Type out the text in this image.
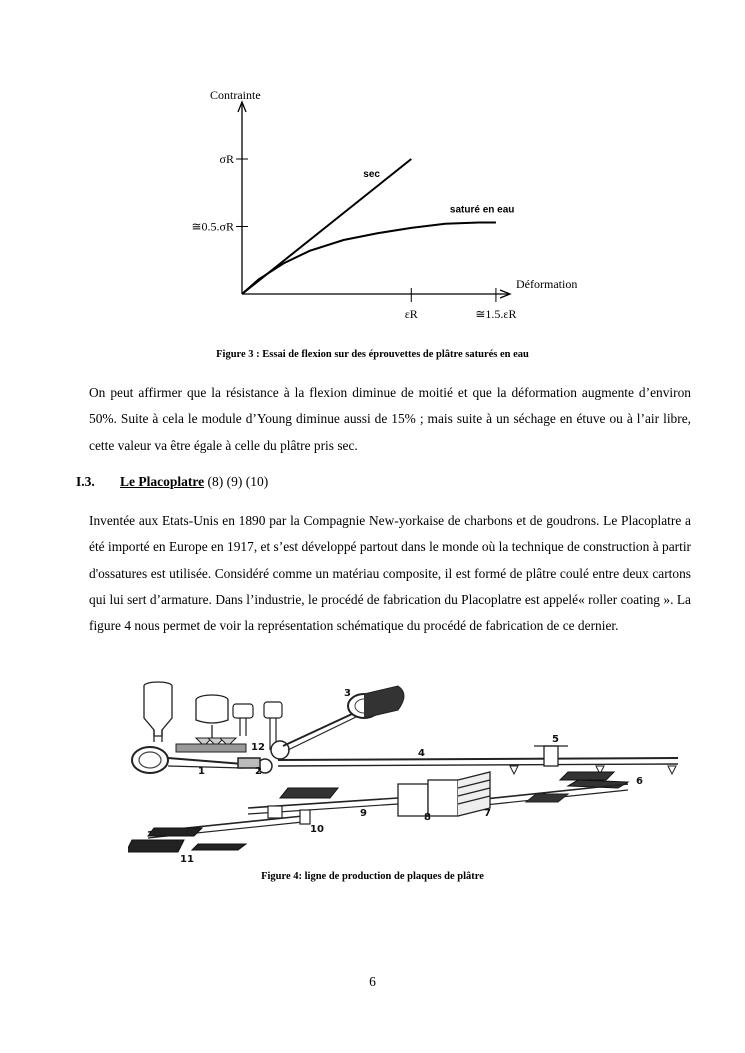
Contrainte
Déformation
σR
≅0.5.σR
εR	≅1.5.εR
sec
saturé en eau
Figure 3 : Essai de flexion sur des éprouvettes de plâtre saturés en eau
On peut affirmer que la résistance à la flexion diminue de moitié et que la déformation augmente d’environ 50%. Suite à cela le module d’Young diminue aussi de 15% ; mais suite à un séchage en étuve ou à l’air libre, cette valeur va être égale à celle du plâtre pris sec.
I.3. Le Placoplatre (8) (9) (10)
Inventée aux Etats-Unis en 1890 par la Compagnie New-yorkaise de charbons et de goudrons. Le Placoplatre a été importé en Europe en 1917, et s’est développé partout dans le monde où la technique de construction à partir d'ossatures est utilisée. Considéré comme un matériau composite, il est formé de plâtre coulé entre deux cartons qui lui sert d’armature. Dans l’industrie, le procédé de fabrication du Placoplatre est appelé« roller coating ». La figure 4 nous permet de voir la représentation schématique du procédé de fabrication de ce dernier.
1	2
3
4
5
6
7
8
9
10
11
12
Figure 4: ligne de production de plaques de plâtre
6
